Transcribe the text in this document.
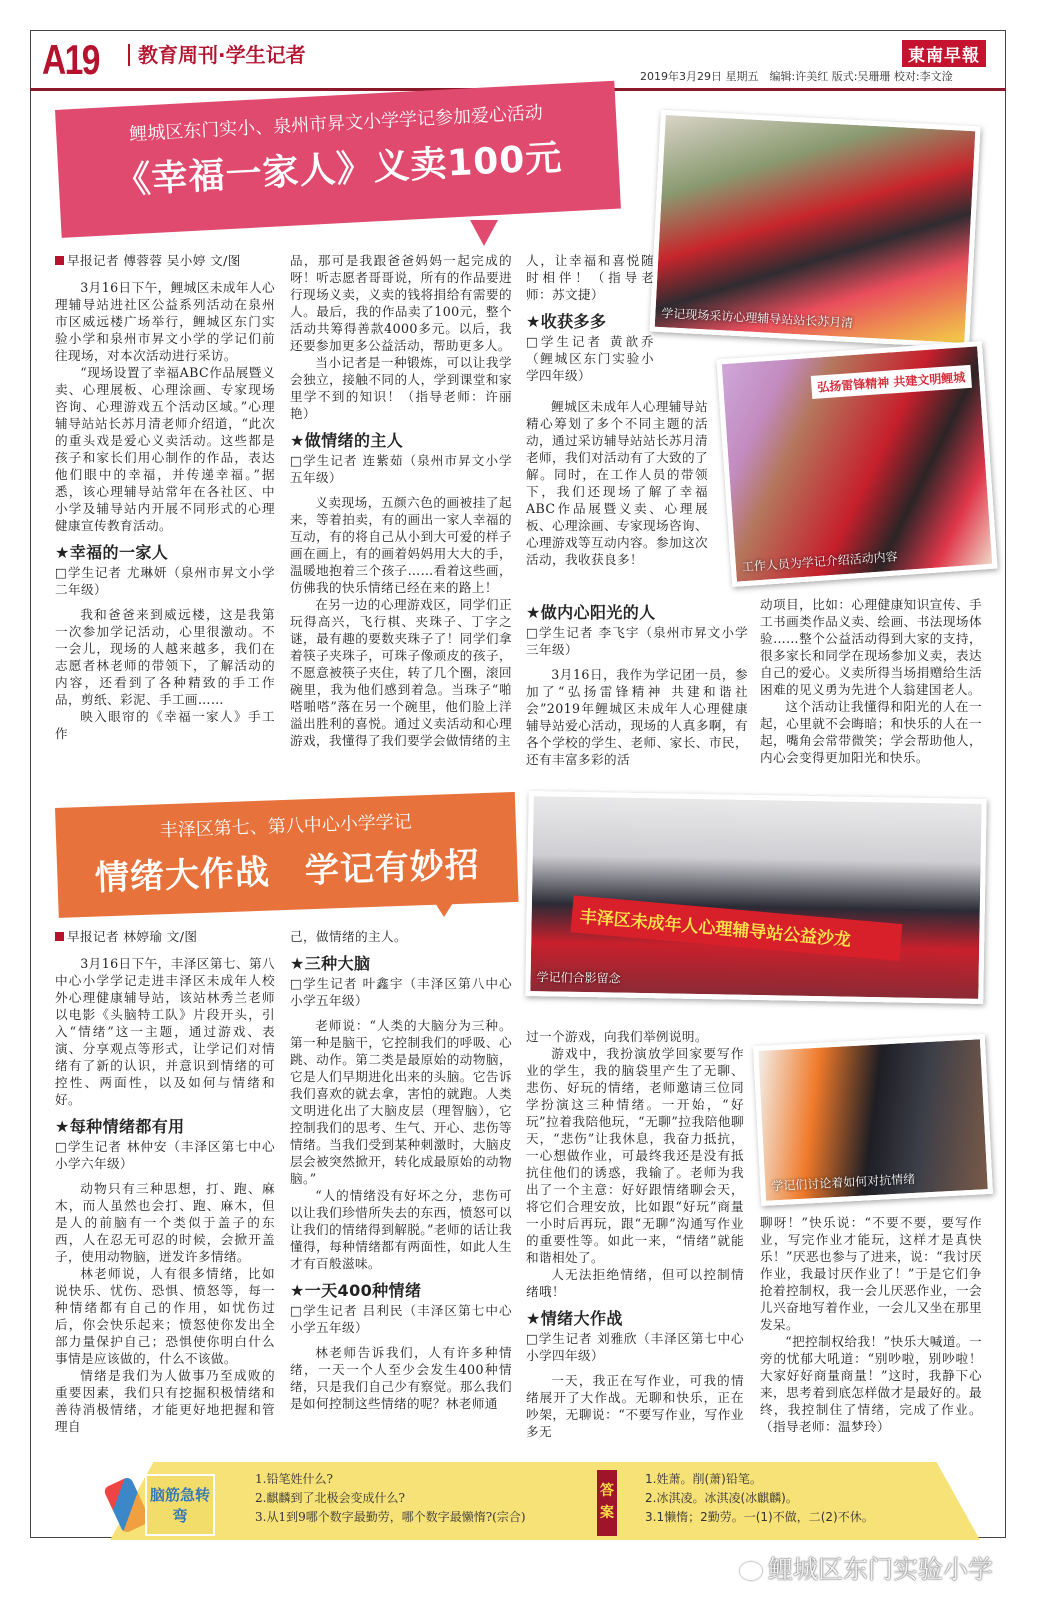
A19	教育周刊·学生记者	東南早報
2019年3月29日 星期五　编辑:许美红 版式:吴珊珊 校对:李文淦
鲤城区东门实小、泉州市昇文小学学记参加爱心活动
《幸福一家人》义卖100元
学记现场采访心理辅导站站长苏月清
弘扬雷锋精神 共建文明鲤城
工作人员为学记介绍活动内容
早报记者 傅蓉蓉 吴小婷 文/图
3月16日下午，鲤城区未成年人心理辅导站进社区公益系列活动在泉州市区威远楼广场举行，鲤城区东门实验小学和泉州市昇文小学的学记们前往现场，对本次活动进行采访。
“现场设置了幸福ABC作品展暨义卖、心理展板、心理涂画、专家现场咨询、心理游戏五个活动区域。”心理辅导站站长苏月清老师介绍道，“此次的重头戏是爱心义卖活动。这些都是孩子和家长们用心制作的作品，表达他们眼中的幸福，并传递幸福。”据悉，该心理辅导站常年在各社区、中小学及辅导站内开展不同形式的心理健康宣传教育活动。
★幸福的一家人
□学生记者 尤琳妍（泉州市昇文小学二年级）
我和爸爸来到威远楼，这是我第一次参加学记活动，心里很激动。不一会儿，现场的人越来越多，我们在志愿者林老师的带领下，了解活动的内容，还看到了各种精致的手工作品，剪纸、彩泥、手工画……
映入眼帘的《幸福一家人》手工作
品，那可是我跟爸爸妈妈一起完成的呀！听志愿者哥哥说，所有的作品要进行现场义卖，义卖的钱将捐给有需要的人。最后，我的作品卖了100元，整个活动共筹得善款4000多元。以后，我还要参加更多公益活动，帮助更多人。
当小记者是一种锻炼，可以让我学会独立，接触不同的人，学到课堂和家里学不到的知识！（指导老师：许丽艳）
★做情绪的主人
□学生记者 连紫茹（泉州市昇文小学五年级）
义卖现场，五颜六色的画被挂了起来，等着拍卖，有的画出一家人幸福的互动，有的将自己从小到大可爱的样子画在画上，有的画着妈妈用大大的手，温暖地抱着三个孩子……看着这些画，仿佛我的快乐情绪已经在来的路上！
在另一边的心理游戏区，同学们正玩得高兴，飞行棋、夹珠子、丁字之谜，最有趣的要数夹珠子了！同学们拿着筷子夹珠子，可珠子像顽皮的孩子，不愿意被筷子夹住，转了几个圈，滚回碗里，我为他们感到着急。当珠子“啪嗒啪嗒”落在另一个碗里，他们脸上洋溢出胜利的喜悦。通过义卖活动和心理游戏，我懂得了我们要学会做情绪的主
人，让幸福和喜悦随时相伴！（指导老师：苏文捷）
★收获多多
□学生记者 黄歆乔（鲤城区东门实验小学四年级）
鲤城区未成年人心理辅导站精心筹划了多个不同主题的活动，通过采访辅导站站长苏月清老师，我们对活动有了大致的了解。同时，在工作人员的带领下，我们还现场了解了幸福ABC作品展暨义卖、心理展板、心理涂画、专家现场咨询、心理游戏等互动内容。参加这次活动，我收获良多！
★做内心阳光的人
□学生记者 李飞宇（泉州市昇文小学三年级）
3月16日，我作为学记团一员，参加了“弘扬雷锋精神 共建和谐社会”2019年鲤城区未成年人心理健康辅导站爱心活动，现场的人真多啊，有各个学校的学生、老师、家长、市民，还有丰富多彩的活
动项目，比如：心理健康知识宣传、手工书画类作品义卖、绘画、书法现场体验……整个公益活动得到大家的支持，很多家长和同学在现场参加义卖，表达自己的爱心。义卖所得当场捐赠给生活困难的见义勇为先进个人翁建国老人。
这个活动让我懂得和阳光的人在一起，心里就不会晦暗；和快乐的人在一起，嘴角会常带微笑；学会帮助他人，内心会变得更加阳光和快乐。
丰泽区第七、第八中心小学学记
情绪大作战　学记有妙招
丰泽区未成年人心理辅导站公益沙龙
学记们合影留念
学记们讨论着如何对抗情绪
早报记者 林婷瑜 文/图
3月16日下午，丰泽区第七、第八中心小学学记走进丰泽区未成年人校外心理健康辅导站，该站林秀兰老师以电影《头脑特工队》片段开头，引入“情绪”这一主题，通过游戏、表演、分享观点等形式，让学记们对情绪有了新的认识，并意识到情绪的可控性、两面性，以及如何与情绪和好。
★每种情绪都有用
□学生记者 林仲安（丰泽区第七中心小学六年级）
动物只有三种思想，打、跑、麻木，而人虽然也会打、跑、麻木，但是人的前脑有一个类似于盖子的东西，人在忍无可忍的时候，会掀开盖子，使用动物脑，迸发许多情绪。
林老师说，人有很多情绪，比如说快乐、忧伤、恐惧、愤怒等，每一种情绪都有自己的作用，如忧伤过后，你会快乐起来；愤怒使你发出全部力量保护自己；恐惧使你明白什么事情是应该做的，什么不该做。
情绪是我们为人做事乃至成败的重要因素，我们只有挖掘积极情绪和善待消极情绪，才能更好地把握和管理自
己，做情绪的主人。
★三种大脑
□学生记者 叶鑫宇（丰泽区第八中心小学五年级）
老师说：“人类的大脑分为三种。第一种是脑干，它控制我们的呼吸、心跳、动作。第二类是最原始的动物脑，它是人们早期进化出来的头脑。它告诉我们喜欢的就去拿，害怕的就跑。人类文明进化出了大脑皮层（理智脑），它控制我们的思考、生气、开心、悲伤等情绪。当我们受到某种刺激时，大脑皮层会被突然掀开，转化成最原始的动物脑。”
“人的情绪没有好坏之分，悲伤可以让我们珍惜所失去的东西，愤怒可以让我们的情绪得到解脱。”老师的话让我懂得，每种情绪都有两面性，如此人生才有百般滋味。
★一天400种情绪
□学生记者 吕利民（丰泽区第七中心小学五年级）
林老师告诉我们，人有许多种情绪，一天一个人至少会发生400种情绪，只是我们自己少有察觉。那么我们是如何控制这些情绪的呢？林老师通
过一个游戏，向我们举例说明。
游戏中，我扮演放学回家要写作业的学生，我的脑袋里产生了无聊、悲伤、好玩的情绪，老师邀请三位同学扮演这三种情绪。一开始，“好玩”拉着我陪他玩，“无聊”拉我陪他聊天，“悲伤”让我休息，我奋力抵抗，一心想做作业，可最终我还是没有抵抗住他们的诱惑，我输了。老师为我出了一个主意：好好跟情绪聊会天，将它们合理安放，比如跟“好玩”商量一小时后再玩，跟“无聊”沟通写作业的重要性等。如此一来，“情绪”就能和谐相处了。
人无法拒绝情绪，但可以控制情绪哦！
★情绪大作战
□学生记者 刘雅欣（丰泽区第七中心小学四年级）
一天，我正在写作业，可我的情绪展开了大作战。无聊和快乐，正在吵架，无聊说：“不要写作业，写作业多无
聊呀！”快乐说：“不要不要，要写作业，写完作业才能玩，这样才是真快乐！”厌恶也参与了进来，说：“我讨厌作业，我最讨厌作业了！”于是它们争抢着控制权，我一会儿厌恶作业，一会儿兴奋地写着作业，一会儿又坐在那里发呆。
“把控制权给我！”快乐大喊道。一旁的忧郁大吼道：“别吵啦，别吵啦！大家好好商量商量！”这时，我静下心来，思考着到底怎样做才是最好的。最终，我控制住了情绪，完成了作业。（指导老师：温梦玲）
脑筋急转弯
1.铅笔姓什么?
2.麒麟到了北极会变成什么?
3.从1到9哪个数字最勤劳，哪个数字最懒惰?(宗合)
答案
1.姓萧。削(萧)铅笔。
2.冰淇凌。冰淇凌(冰麒麟)。
3.1懒惰；2勤劳。一(1)不做，二(2)不休。
鲤城区东门实验小学
